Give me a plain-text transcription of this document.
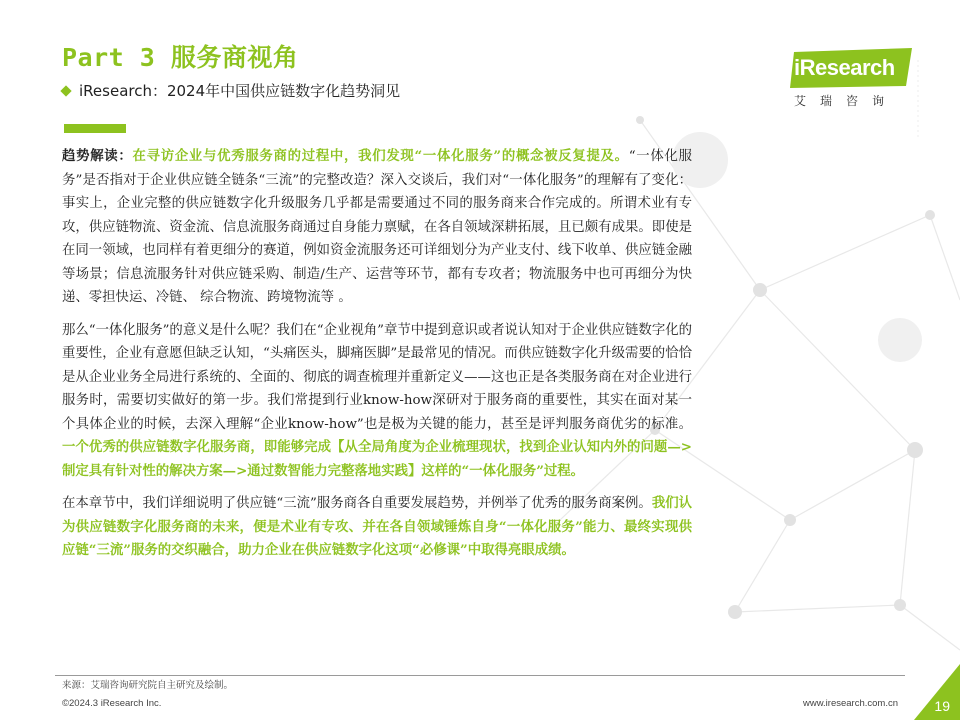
Part 3 服务商视角
iResearch：2024年中国供应链数字化趋势洞见
iResearch
艾瑞咨询

趋势解读：在寻访企业与优秀服务商的过程中，我们发现“一体化服务”的概念被反复提及。“一体化服务”是否指对于企业供应链全链条“三流”的完整改造？深入交谈后，我们对“一体化服务”的理解有了变化：事实上，企业完整的供应链数字化升级服务几乎都是需要通过不同的服务商来合作完成的。所谓术业有专攻，供应链物流、资金流、信息流服务商通过自身能力禀赋，在各自领域深耕拓展，且已颇有成果。即使是在同一领域，也同样有着更细分的赛道，例如资金流服务还可详细划分为产业支付、线下收单、供应链金融等场景；信息流服务针对供应链采购、制造/生产、运营等环节，都有专攻者；物流服务中也可再细分为快递、零担快运、冷链、 综合物流、跨境物流等 。

那么“一体化服务”的意义是什么呢？我们在“企业视角”章节中提到意识或者说认知对于企业供应链数字化的重要性，企业有意愿但缺乏认知，“头痛医头，脚痛医脚”是最常见的情况。而供应链数字化升级需要的恰恰是从企业业务全局进行系统的、全面的、彻底的调查梳理并重新定义——这也正是各类服务商在对企业进行服务时，需要切实做好的第一步。我们常提到行业know-how深研对于服务商的重要性，其实在面对某一个具体企业的时候，去深入理解“企业know-how”也是极为关键的能力，甚至是评判服务商优劣的标准。一个优秀的供应链数字化服务商，即能够完成【从全局角度为企业梳理现状，找到企业认知内外的问题—>制定具有针对性的解决方案—>通过数智能力完整落地实践】这样的“一体化服务”过程。

在本章节中，我们详细说明了供应链“三流”服务商各自重要发展趋势，并例举了优秀的服务商案例。我们认为供应链数字化服务商的未来，便是术业有专攻、并在各自领域锤炼自身“一体化服务”能力、最终实现供应链“三流”服务的交织融合，助力企业在供应链数字化这项“必修课”中取得亮眼成绩。

来源：艾瑞咨询研究院自主研究及绘制。
©2024.3 iResearch Inc.	www.iresearch.com.cn	19
